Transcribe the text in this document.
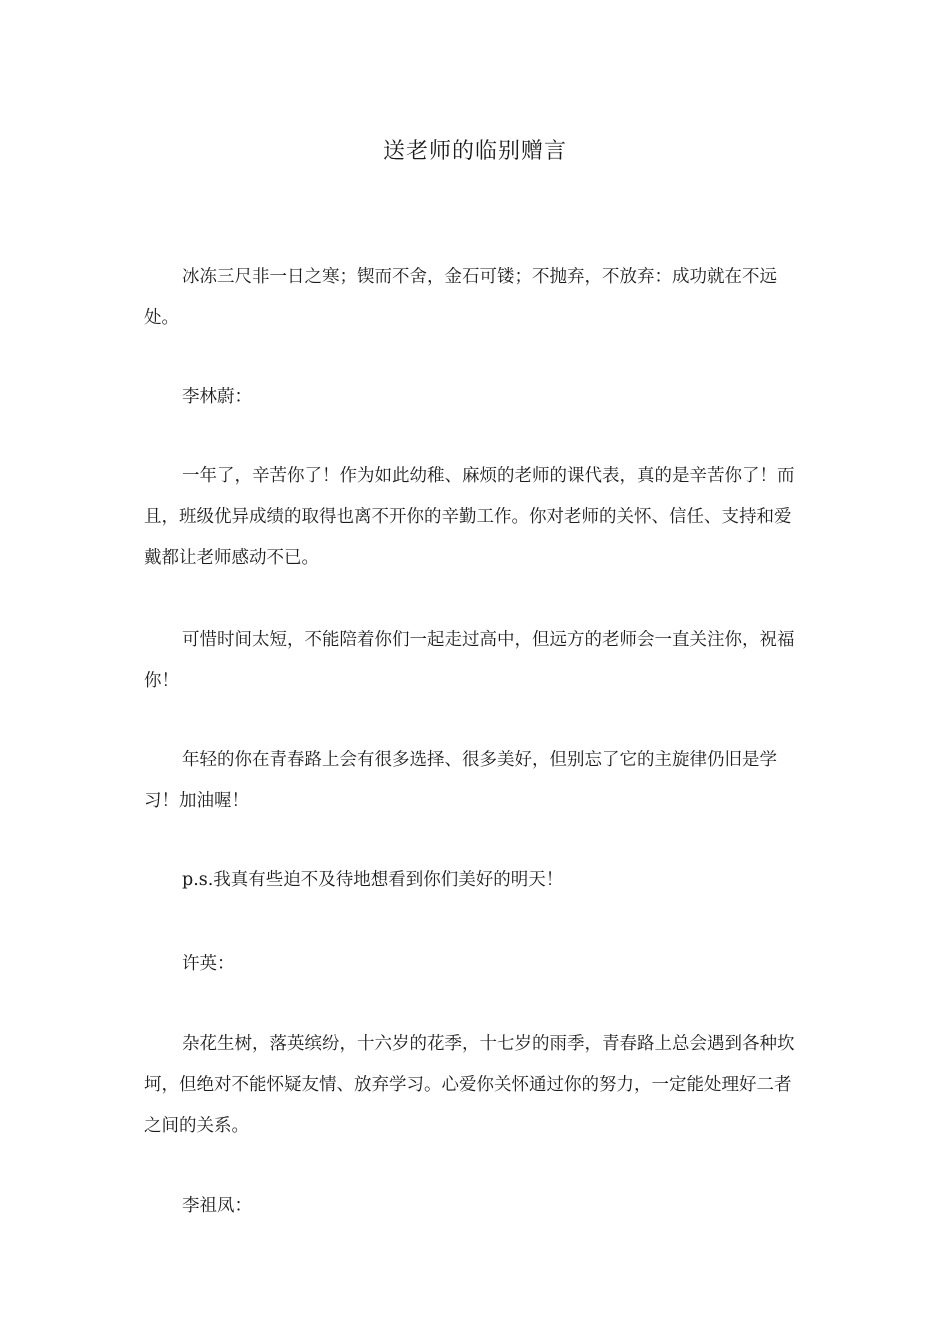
送老师的临别赠言
冰冻三尺非一日之寒；锲而不舍，金石可镂；不抛弃，不放弃：成功就在不远处。
李林蔚：
一年了，辛苦你了！作为如此幼稚、麻烦的老师的课代表，真的是辛苦你了！而且，班级优异成绩的取得也离不开你的辛勤工作。你对老师的关怀、信任、支持和爱戴都让老师感动不已。
可惜时间太短，不能陪着你们一起走过高中，但远方的老师会一直关注你，祝福你！
年轻的你在青春路上会有很多选择、很多美好，但别忘了它的主旋律仍旧是学习！加油喔！
p.s.我真有些迫不及待地想看到你们美好的明天！
许英：
杂花生树，落英缤纷，十六岁的花季，十七岁的雨季，青春路上总会遇到各种坎坷，但绝对不能怀疑友情、放弃学习。心爱你关怀通过你的努力，一定能处理好二者之间的关系。
李祖凤：
